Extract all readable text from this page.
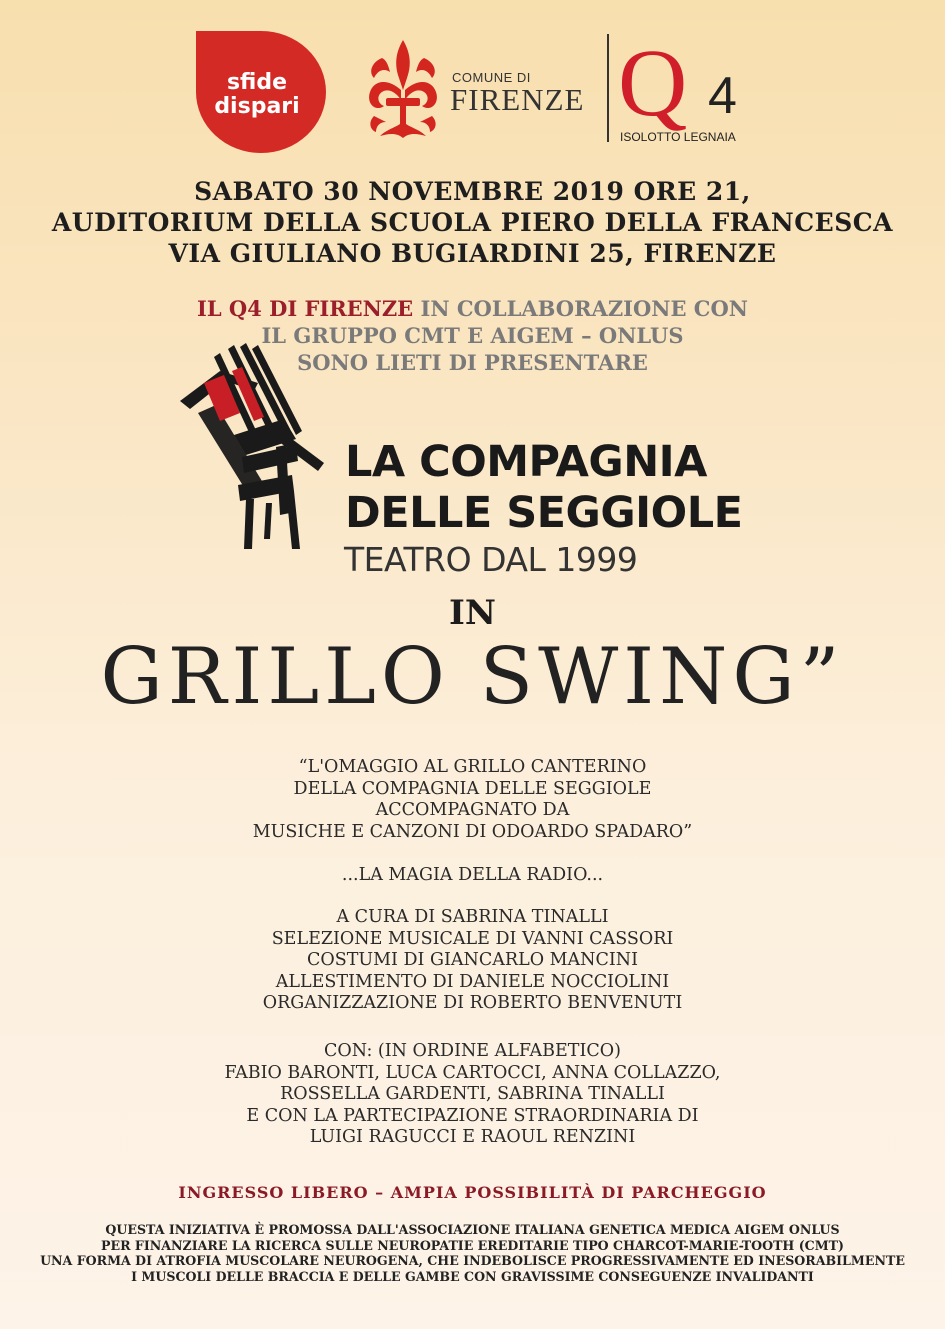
sfide
dispari
COMUNE DI
FIRENZE Q 4
ISOLOTTO LEGNAIA
SABATO 30 NOVEMBRE 2019 ORE 21,
AUDITORIUM DELLA SCUOLA PIERO DELLA FRANCESCA
VIA GIULIANO BUGIARDINI 25, FIRENZE
IL Q4 DI FIRENZE IN COLLABORAZIONE CON
IL GRUPPO CMT E AIGEM – ONLUS
SONO LIETI DI PRESENTARE
LA COMPAGNIA
DELLE SEGGIOLE
TEATRO DAL 1999
IN
GRILLO SWING”
“L'OMAGGIO AL GRILLO CANTERINO
DELLA COMPAGNIA DELLE SEGGIOLE
ACCOMPAGNATO DA
MUSICHE E CANZONI DI ODOARDO SPADARO”
...LA MAGIA DELLA RADIO...
A CURA DI SABRINA TINALLI
SELEZIONE MUSICALE DI VANNI CASSORI
COSTUMI DI GIANCARLO MANCINI
ALLESTIMENTO DI DANIELE NOCCIOLINI
ORGANIZZAZIONE DI ROBERTO BENVENUTI
CON: (IN ORDINE ALFABETICO)
FABIO BARONTI, LUCA CARTOCCI, ANNA COLLAZZO,
ROSSELLA GARDENTI, SABRINA TINALLI
E CON LA PARTECIPAZIONE STRAORDINARIA DI
LUIGI RAGUCCI E RAOUL RENZINI
INGRESSO LIBERO – AMPIA POSSIBILITÀ DI PARCHEGGIO
QUESTA INIZIATIVA È PROMOSSA DALL'ASSOCIAZIONE ITALIANA GENETICA MEDICA AIGEM ONLUS
PER FINANZIARE LA RICERCA SULLE NEUROPATIE EREDITARIE TIPO CHARCOT-MARIE-TOOTH (CMT)
UNA FORMA DI ATROFIA MUSCOLARE NEUROGENA, CHE INDEBOLISCE PROGRESSIVAMENTE ED INESORABILMENTE
I MUSCOLI DELLE BRACCIA E DELLE GAMBE CON GRAVISSIME CONSEGUENZE INVALIDANTI
